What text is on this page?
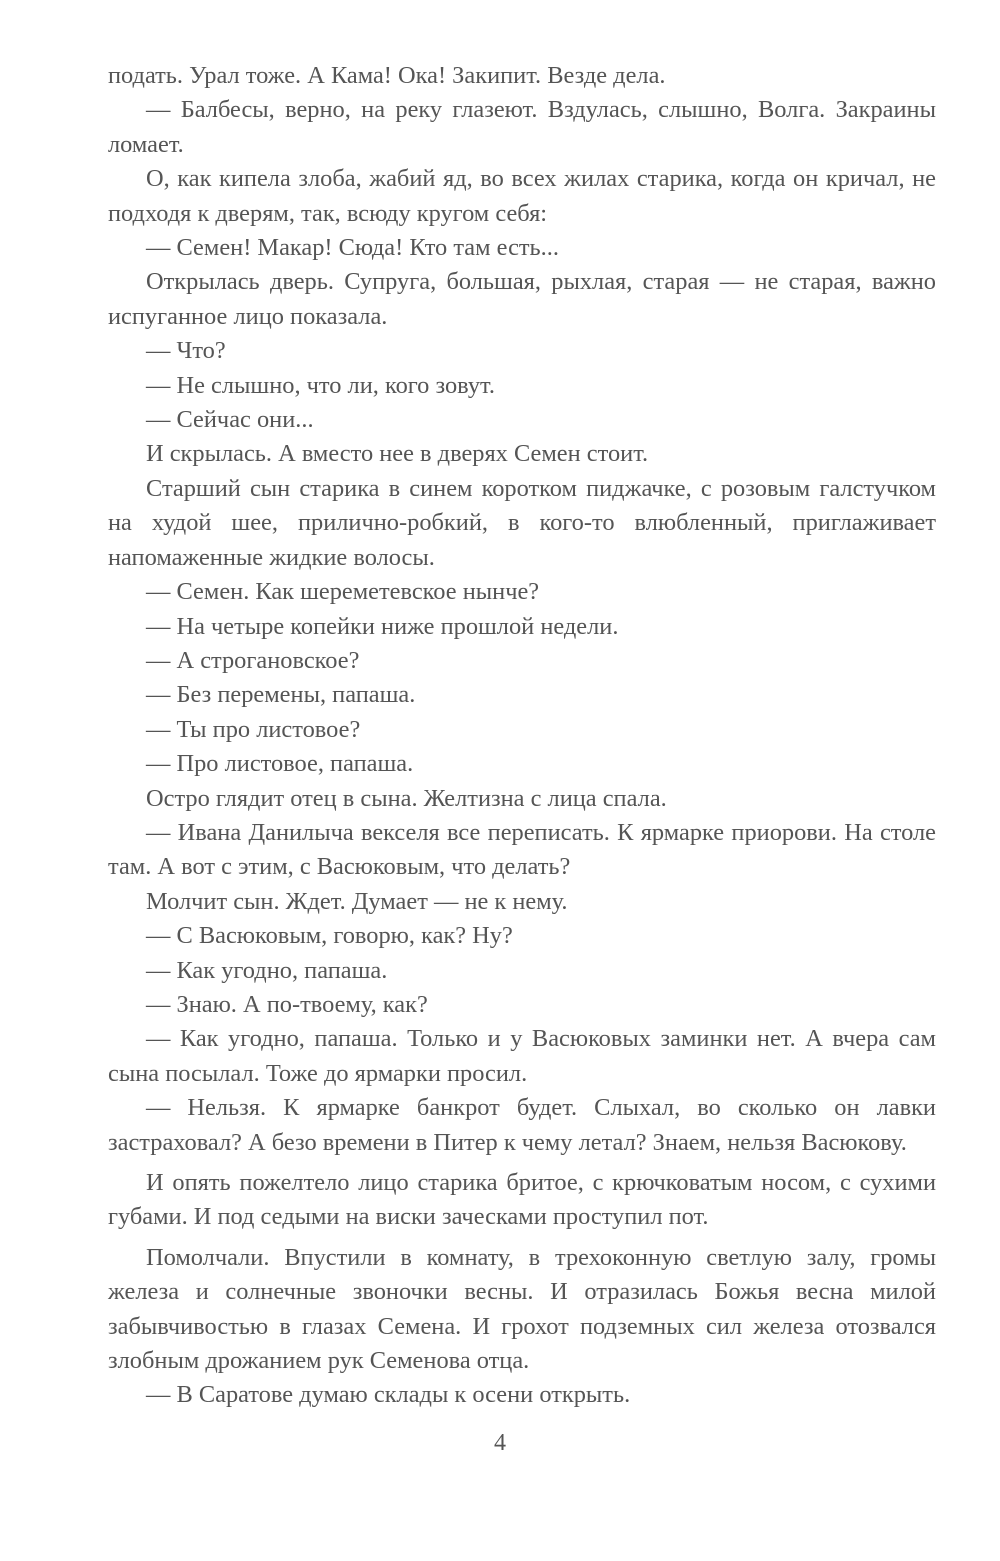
подать. Урал тоже. А Кама! Ока! Закипит. Везде дела.

— Балбесы, верно, на реку глазеют. Вздулась, слышно, Волга. Закраины ломает.

О, как кипела злоба, жабий яд, во всех жилах старика, когда он кричал, не подходя к дверям, так, всюду кругом себя:

— Семен! Макар! Сюда! Кто там есть...

Открылась дверь. Супруга, большая, рыхлая, старая — не старая, важно испуганное лицо показала.

— Что?

— Не слышно, что ли, кого зовут.

— Сейчас они...

И скрылась. А вместо нее в дверях Семен стоит.

Старший сын старика в синем коротком пиджачке, с розовым галстучком на худой шее, прилично-робкий, в кого-то влюбленный, приглаживает напомаженные жидкие волосы.

— Семен. Как шереметевское нынче?

— На четыре копейки ниже прошлой недели.

— А строгановское?

— Без перемены, папаша.

— Ты про листовое?

— Про листовое, папаша.

Остро глядит отец в сына. Желтизна с лица спала.

— Ивана Данилыча векселя все переписать. К ярмарке приорови. На столе там. А вот с этим, с Васюковым, что делать?

Молчит сын. Ждет. Думает — не к нему.

— С Васюковым, говорю, как? Ну?

— Как угодно, папаша.

— Знаю. А по-твоему, как?

— Как угодно, папаша. Только и у Васюковых заминки нет. А вчера сам сына посылал. Тоже до ярмарки просил.

— Нельзя. К ярмарке банкрот будет. Слыхал, во сколько он лавки застраховал? А безо времени в Питер к чему летал? Знаем, нельзя Васюкову.

И опять пожелтело лицо старика бритое, с крючковатым носом, с сухими губами. И под седыми на виски заческами проступил пот.

Помолчали. Впустили в комнату, в трехоконную светлую залу, громы железа и солнечные звоночки весны. И отразилась Божья весна милой забывчивостью в глазах Семена. И грохот подземных сил железа отозвался злобным дрожанием рук Семенова отца.

— В Саратове думаю склады к осени открыть.

4
